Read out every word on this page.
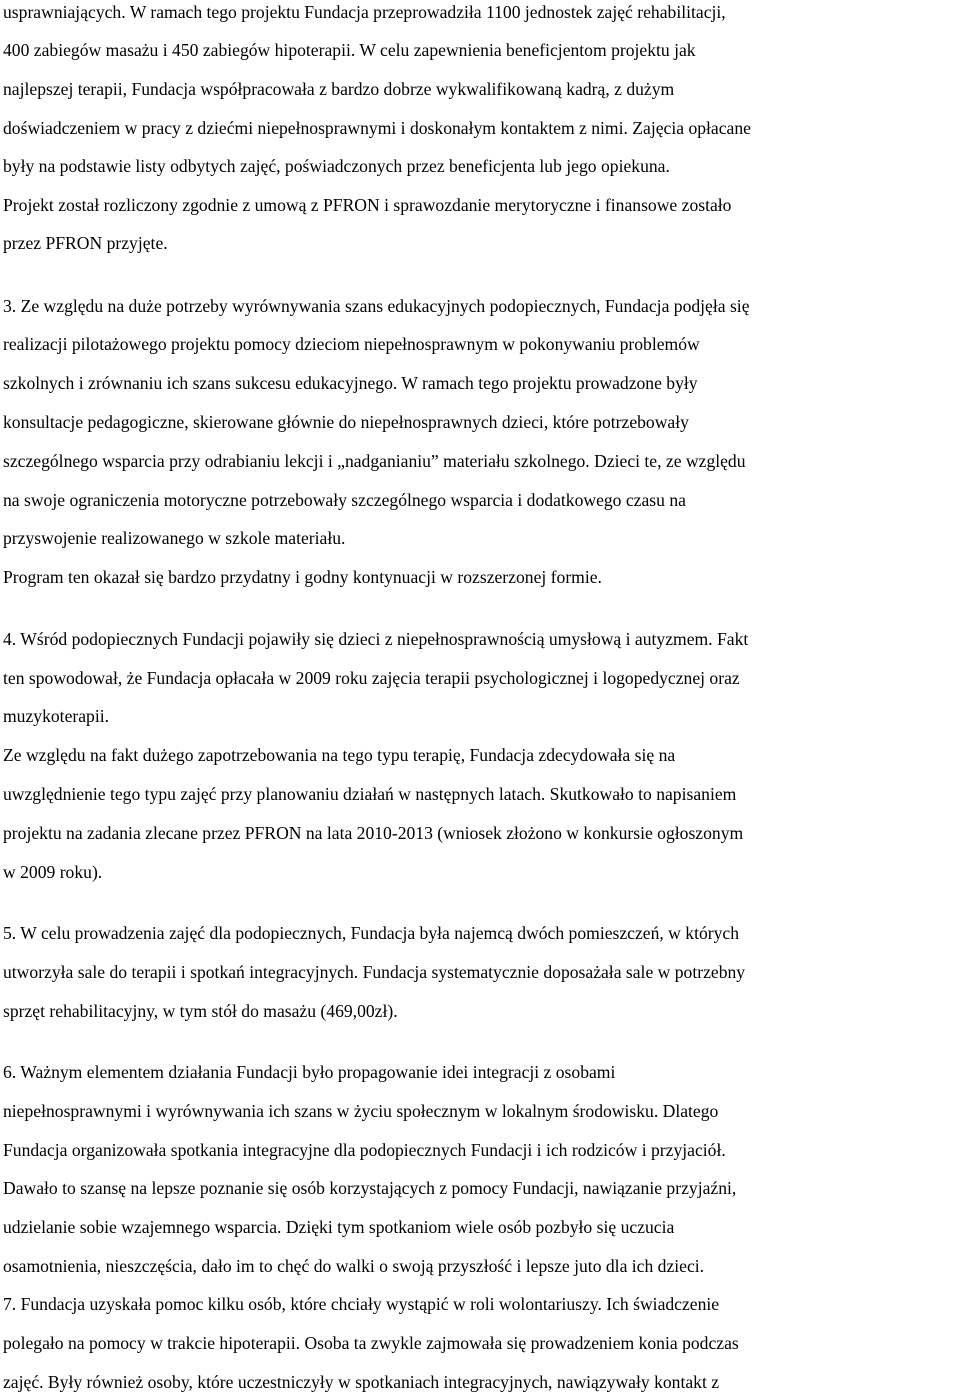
usprawniających. W ramach tego projektu Fundacja przeprowadziła 1100 jednostek zajęć rehabilitacji,
400 zabiegów masażu i 450 zabiegów hipoterapii. W celu zapewnienia beneficjentom projektu jak
najlepszej terapii, Fundacja współpracowała z bardzo dobrze wykwalifikowaną kadrą, z dużym
doświadczeniem w pracy z dziećmi niepełnosprawnymi i doskonałym kontaktem z nimi. Zajęcia opłacane
były na podstawie listy odbytych zajęć, poświadczonych przez beneficjenta lub jego opiekuna.
Projekt został rozliczony zgodnie z umową z PFRON i sprawozdanie merytoryczne i finansowe zostało
przez PFRON przyjęte.
3. Ze względu na duże potrzeby wyrównywania szans edukacyjnych podopiecznych, Fundacja podjęła się
realizacji pilotażowego projektu pomocy dzieciom niepełnosprawnym w pokonywaniu problemów
szkolnych i zrównaniu ich szans sukcesu edukacyjnego. W ramach tego projektu prowadzone były
konsultacje pedagogiczne, skierowane głównie do niepełnosprawnych dzieci, które potrzebowały
szczególnego wsparcia przy odrabianiu lekcji i „nadganianiu” materiału szkolnego. Dzieci te, ze względu
na swoje ograniczenia motoryczne potrzebowały szczególnego wsparcia i dodatkowego czasu na
przyswojenie realizowanego w szkole materiału.
Program ten okazał się bardzo przydatny i godny kontynuacji w rozszerzonej formie.
4. Wśród podopiecznych Fundacji pojawiły się dzieci z niepełnosprawnością umysłową i autyzmem. Fakt
ten spowodował, że Fundacja opłacała w 2009 roku zajęcia terapii psychologicznej i logopedycznej oraz
muzykoterapii.
Ze względu na fakt dużego zapotrzebowania na tego typu terapię, Fundacja zdecydowała się na
uwzględnienie tego typu zajęć przy planowaniu działań w następnych latach. Skutkowało to napisaniem
projektu na zadania zlecane przez PFRON na lata 2010-2013 (wniosek złożono w konkursie ogłoszonym
w 2009 roku).
5. W celu prowadzenia zajęć dla podopiecznych, Fundacja była najemcą dwóch pomieszczeń, w których
utworzyła sale do terapii i spotkań integracyjnych. Fundacja systematycznie doposażała sale w potrzebny
sprzęt rehabilitacyjny, w tym stół do masażu (469,00zł).
6. Ważnym elementem działania Fundacji było propagowanie idei integracji z osobami
niepełnosprawnymi i wyrównywania ich szans w życiu społecznym w lokalnym środowisku. Dlatego
Fundacja organizowała spotkania integracyjne dla podopiecznych Fundacji i ich rodziców i przyjaciół.
Dawało to szansę na lepsze poznanie się osób korzystających z pomocy Fundacji, nawiązanie przyjaźni,
udzielanie sobie wzajemnego wsparcia. Dzięki tym spotkaniom wiele osób pozbyło się uczucia
osamotnienia, nieszczęścia, dało im to chęć do walki o swoją przyszłość i lepsze juto dla ich dzieci.
7. Fundacja uzyskała pomoc kilku osób, które chciały wystąpić w roli wolontariuszy. Ich świadczenie
polegało na pomocy w trakcie hipoterapii. Osoba ta zwykle zajmowała się prowadzeniem konia podczas
zajęć. Były również osoby, które uczestniczyły w spotkaniach integracyjnych, nawiązywały kontakt z
